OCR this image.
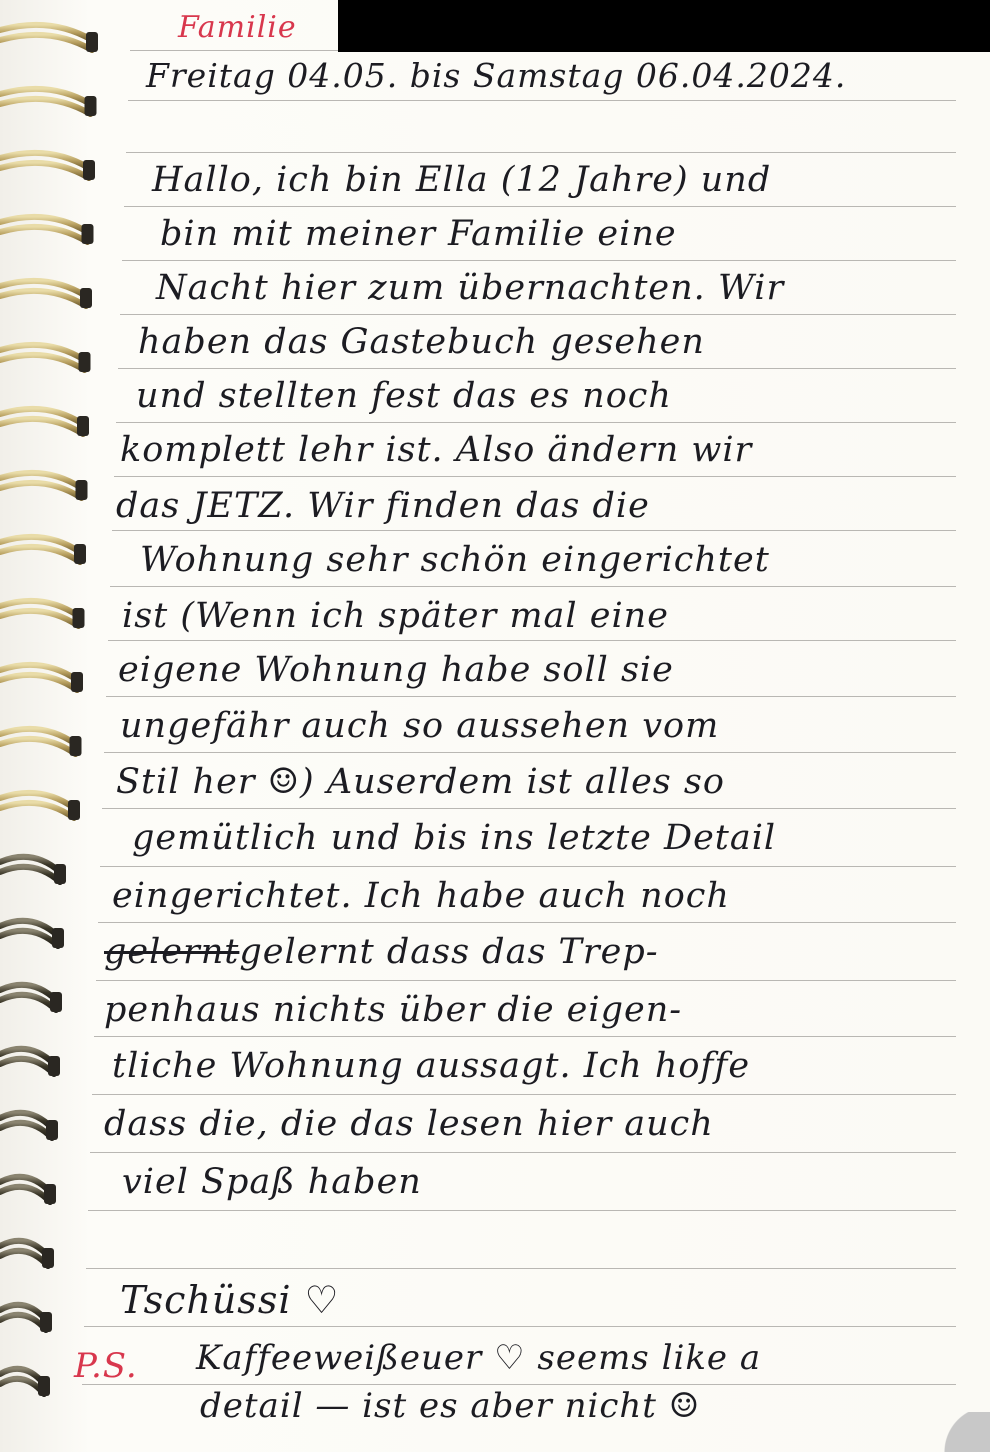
Familie
Freitag 04.05. bis Samstag 06.04.2024.
Hallo, ich bin Ella (12 Jahre) und
bin mit meiner Familie eine
Nacht hier zum übernachten. Wir
haben das Gastebuch gesehen
und stellten fest das es noch
komplett lehr ist. Also ändern wir
das JETZ. Wir finden das die
Wohnung sehr schön eingerichtet
ist (Wenn ich später mal eine
eigene Wohnung habe soll sie
ungefähr auch so aussehen vom
Stil her ☺) Auserdem ist alles so
gemütlich und bis ins letzte Detail
eingerichtet. Ich habe auch noch
gelerntgelernt dass das Trep-
penhaus nichts über die eigen-
tliche Wohnung aussagt. Ich hoffe
dass die, die das lesen hier auch
viel Spaß haben
Tschüssi ♡
P.S. Kaffeeweißeuer ♡ seems like a
detail — ist es aber nicht ☺
